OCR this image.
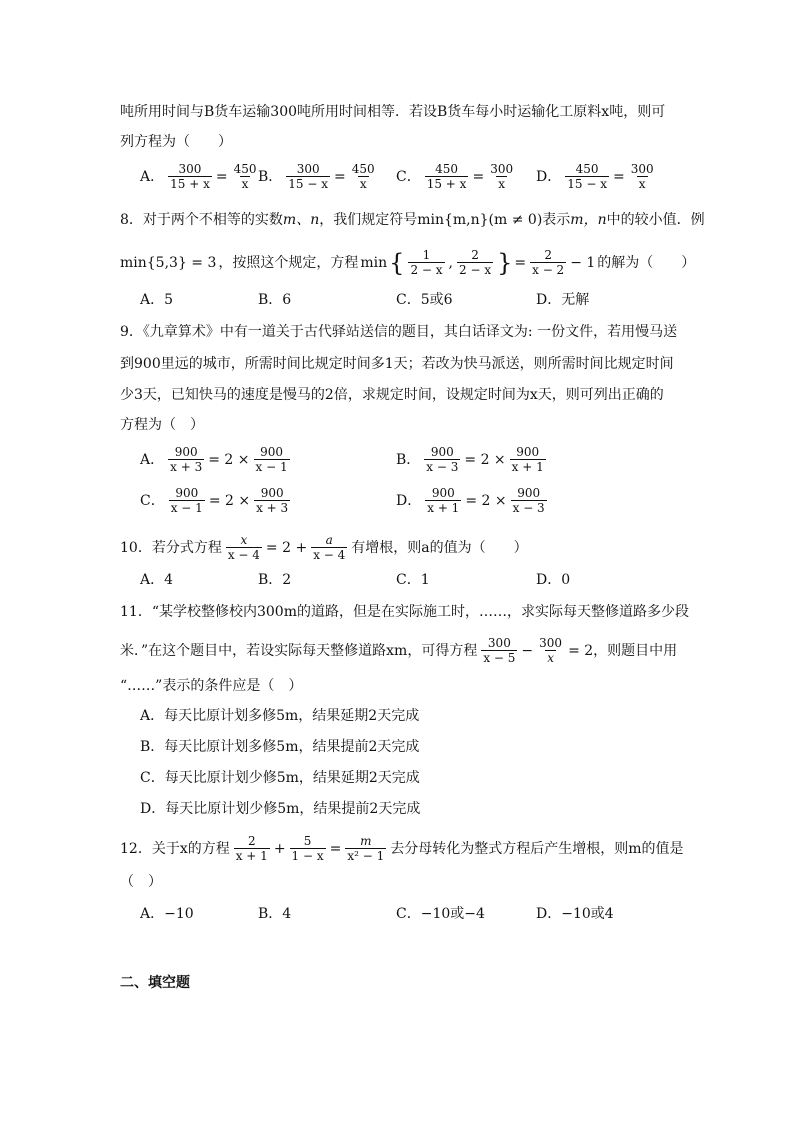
吨所用时间与B货车运输300吨所用时间相等．若设B货车每小时运输化工原料x吨，则可
列方程为（　　）
A． $\frac{300}{15 + x} = \frac{450}{x}$ B． $\frac{300}{15 - x} = \frac{450}{x}$ C． $\frac{450}{15 + x} = \frac{300}{x}$ D． $\frac{450}{15 - x} = \frac{300}{x}$
8．对于两个不相等的实数m、n，我们规定符号min{m,n}(m ≠ 0)表示m，n中的较小值．例
min{5,3} = 3 ，按照这个规定，方程 min { $\frac{1}{2 - x}$ , $\frac{2}{2 - x}$ } = $\frac{2}{x - 2} - 1$ 的解为（　　）
A．5	B．6	C．5或6	D．无解
9．《九章算术》中有一道关于古代驿站送信的题目，其白话译文为: 一份文件，若用慢马送
到900里远的城市，所需时间比规定时间多1天；若改为快马派送，则所需时间比规定时间
少3天，已知快马的速度是慢马的2倍，求规定时间，设规定时间为x天，则可列出正确的
方程为（　）
A． $\frac{900}{x + 3} = 2 \times \frac{900}{x - 1}$	B． $\frac{900}{x - 3} = 2 \times \frac{900}{x + 1}$
C． $\frac{900}{x - 1} = 2 \times \frac{900}{x + 3}$	D． $\frac{900}{x + 1} = 2 \times \frac{900}{x - 3}$
10．若分式方程 $\frac{x}{x - 4} = 2 + \frac{a}{x - 4}$ 有增根，则a的值为（　　）
A．4	B．2	C．1	D．0
11．“某学校整修校内300m的道路，但是在实际施工时，……，求实际每天整修道路多少段
米．”在这个题目中，若设实际每天整修道路xm，可得方程 $\frac{300}{x - 5} - \frac{300}{x} = 2$，则题目中用
“……”表示的条件应是（　）
A．每天比原计划多修5m，结果延期2天完成
B．每天比原计划多修5m，结果提前2天完成
C．每天比原计划少修5m，结果延期2天完成
D．每天比原计划少修5m，结果提前2天完成
12．关于x的方程 $\frac{2}{x + 1} + \frac{5}{1 - x} = \frac{m}{\text{x² − 1}}$ 去分母转化为整式方程后产生增根，则m的值是
（　）
A．−10	B．4	C．−10或−4	D．−10或4
二、填空题
